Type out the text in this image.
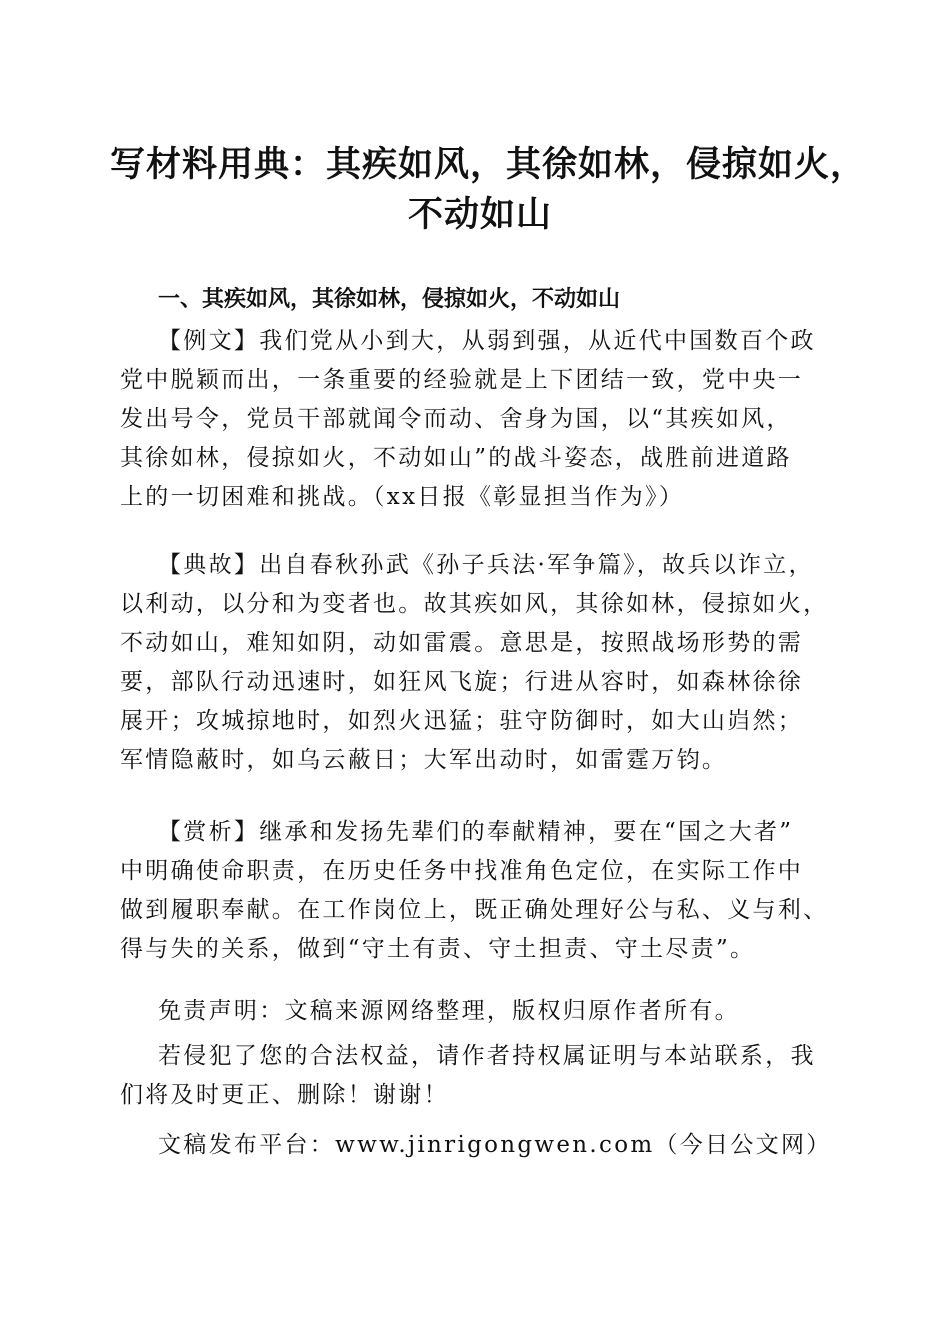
写材料用典：其疾如风，其徐如林，侵掠如火，
不动如山
一、其疾如风，其徐如林，侵掠如火，不动如山

【例文】我们党从小到大，从弱到强，从近代中国数百个政
党中脱颖而出，一条重要的经验就是上下团结一致，党中央一
发出号令，党员干部就闻令而动、舍身为国，以“其疾如风，
其徐如林，侵掠如火，不动如山”的战斗姿态，战胜前进道路
上的一切困难和挑战。（xx日报《彰显担当作为》）

【典故】出自春秋孙武《孙子兵法·军争篇》，故兵以诈立，
以利动，以分和为变者也。故其疾如风，其徐如林，侵掠如火，
不动如山，难知如阴，动如雷震。意思是，按照战场形势的需
要，部队行动迅速时，如狂风飞旋；行进从容时，如森林徐徐
展开；攻城掠地时，如烈火迅猛；驻守防御时，如大山岿然；
军情隐蔽时，如乌云蔽日；大军出动时，如雷霆万钧。

【赏析】继承和发扬先辈们的奉献精神，要在“国之大者”
中明确使命职责，在历史任务中找准角色定位，在实际工作中
做到履职奉献。在工作岗位上，既正确处理好公与私、义与利、
得与失的关系，做到“守土有责、守土担责、守土尽责”。

免责声明：文稿来源网络整理，版权归原作者所有。

若侵犯了您的合法权益，请作者持权属证明与本站联系，我
们将及时更正、删除！谢谢！

文稿发布平台：www.jinrigongwen.com（今日公文网）
